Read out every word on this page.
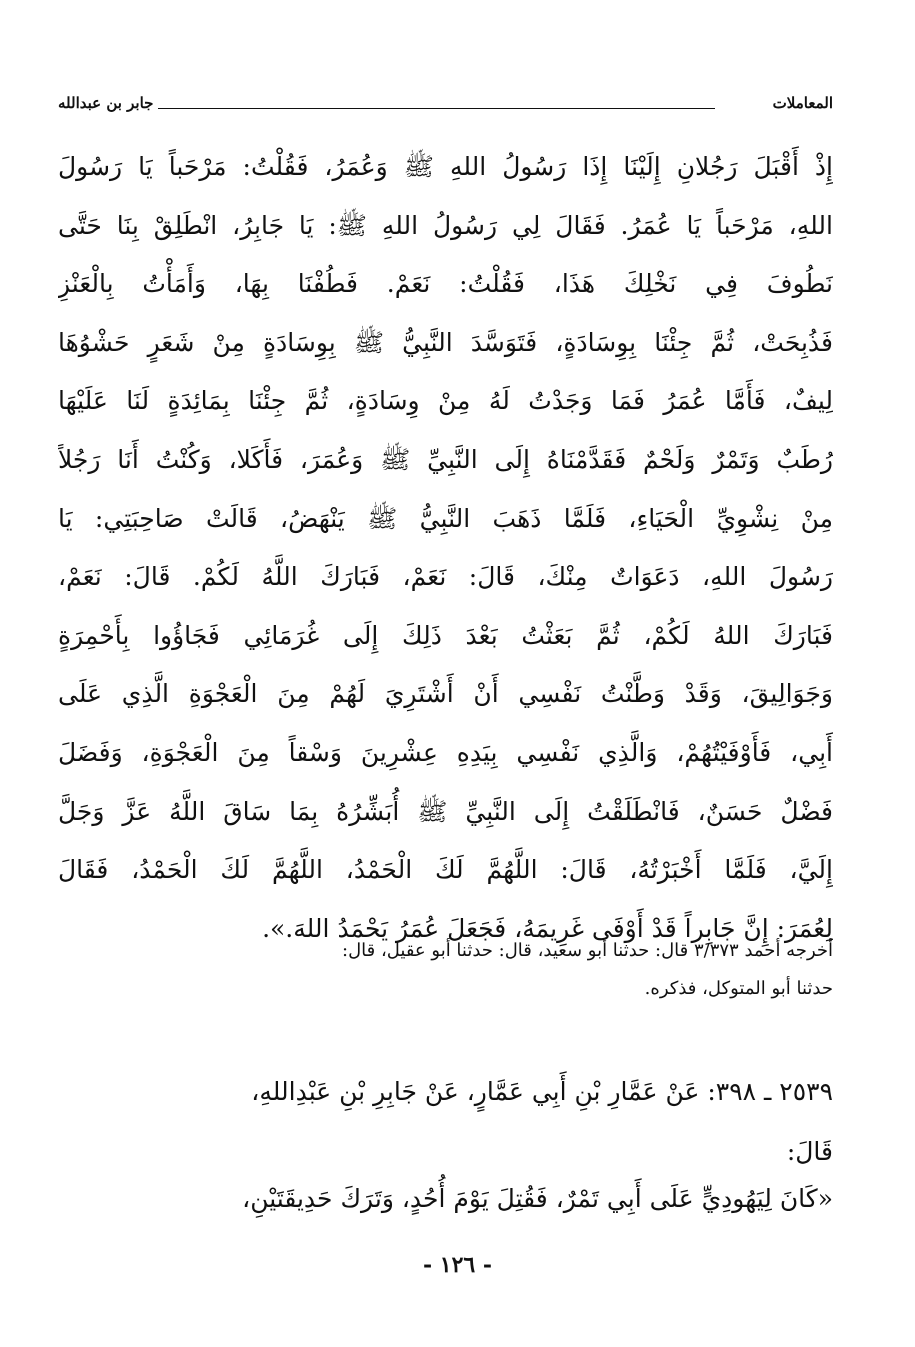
المعاملات
جابر بن عبدالله
إِذْ أَقْبَلَ رَجُلانِ إِلَيْنَا إِذَا رَسُولُ اللهِ ﷺ وَعُمَرُ، فَقُلْتُ: مَرْحَباً يَا رَسُولَ
اللهِ، مَرْحَباً يَا عُمَرُ. فَقَالَ لِي رَسُولُ اللهِ ﷺ: يَا جَابِرُ، انْطَلِقْ بِنَا حَتَّى
نَطُوفَ فِي نَخْلِكَ هَذَا، فَقُلْتُ: نَعَمْ. فَطُفْنَا بِهَا، وَأَمَأْتُ بِالْعَنْزِ
فَذُبِحَتْ، ثُمَّ جِئْنَا بِوِسَادَةٍ، فَتَوَسَّدَ النَّبِيُّ ﷺ بِوِسَادَةٍ مِنْ شَعَرٍ حَشْوُهَا
لِيفٌ، فَأَمَّا عُمَرُ فَمَا وَجَدْتُ لَهُ مِنْ وِسَادَةٍ، ثُمَّ جِئْنَا بِمَائِدَةٍ لَنَا عَلَيْهَا
رُطَبٌ وَتَمْرٌ وَلَحْمٌ فَقَدَّمْنَاهُ إِلَى النَّبِيِّ ﷺ وَعُمَرَ، فَأَكَلا، وَكُنْتُ أَنَا رَجُلاً
مِنْ نِشْوِيِّ الْحَيَاءِ، فَلَمَّا ذَهَبَ النَّبِيُّ ﷺ يَنْهَضُ، قَالَتْ صَاحِبَتِي: يَا
رَسُولَ اللهِ، دَعَوَاتٌ مِنْكَ، قَالَ: نَعَمْ، فَبَارَكَ اللَّهُ لَكُمْ. قَالَ: نَعَمْ،
فَبَارَكَ اللهُ لَكُمْ، ثُمَّ بَعَثْتُ بَعْدَ ذَلِكَ إِلَى غُرَمَائِي فَجَاؤُوا بِأَحْمِرَةٍ
وَجَوَالِيقَ، وَقَدْ وَطَّنْتُ نَفْسِي أَنْ أَشْتَرِيَ لَهُمْ مِنَ الْعَجْوَةِ الَّذِي عَلَى
أَبِي، فَأَوْفَيْتُهُمْ، وَالَّذِي نَفْسِي بِيَدِهِ عِشْرِينَ وَسْقاً مِنَ الْعَجْوَةِ، وَفَضَلَ
فَضْلٌ حَسَنٌ، فَانْطَلَقْتُ إِلَى النَّبِيِّ ﷺ أُبَشِّرُهُ بِمَا سَاقَ اللَّهُ عَزَّ وَجَلَّ
إِلَيَّ، فَلَمَّا أَخْبَرْتُهُ، قَالَ: اللَّهُمَّ لَكَ الْحَمْدُ، اللَّهُمَّ لَكَ الْحَمْدُ، فَقَالَ
لِعُمَرَ: إِنَّ جَابِراً قَدْ أَوْفَى غَرِيمَهُ، فَجَعَلَ عُمَرُ يَحْمَدُ اللهَ.».
أخرجه أحمد ٣/٣٧٣ قال: حدثنا أبو سعيد، قال: حدثنا أبو عقيل، قال:
حدثنا أبو المتوكل، فذكره.
٢٥٣٩ ـ ٣٩٨: عَنْ عَمَّارِ بْنِ أَبِي عَمَّارٍ، عَنْ جَابِرِ بْنِ عَبْدِاللهِ،
قَالَ:
«كَانَ لِيَهُودِيٍّ عَلَى أَبِي تَمْرٌ، فَقُتِلَ يَوْمَ أُحُدٍ، وَتَرَكَ حَدِيقَتَيْنِ،
- ١٢٦ -
